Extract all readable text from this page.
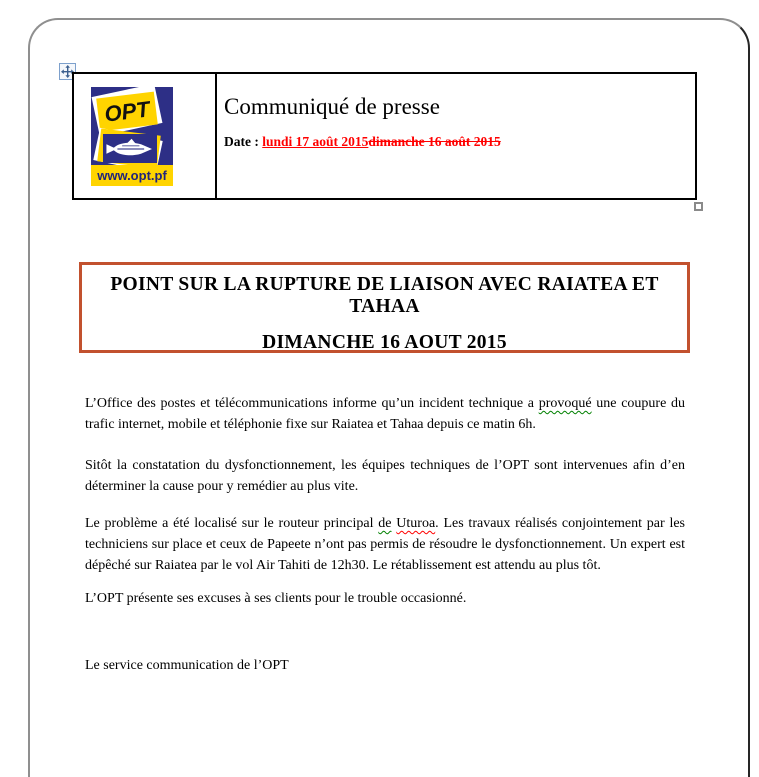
OPT
www.opt.pf
Communiqué de presse

Date : lundi 17 août 2015dimanche 16 août 2015

POINT SUR LA RUPTURE DE LIAISON AVEC RAIATEA ET TAHAA
DIMANCHE 16 AOUT 2015

L’Office des postes et télécommunications informe qu’un incident technique a provoqué une coupure du trafic internet, mobile et téléphonie fixe sur Raiatea et Tahaa depuis ce matin 6h.

Sitôt la constatation du dysfonctionnement, les équipes techniques de l’OPT sont intervenues afin d’en déterminer la cause pour y remédier au plus vite.

Le problème a été localisé sur le routeur principal de Uturoa. Les travaux réalisés conjointement par les techniciens sur place et ceux de Papeete n’ont pas permis de résoudre le dysfonctionnement. Un expert est dépêché sur Raiatea par le vol Air Tahiti de 12h30. Le rétablissement est attendu au plus tôt.

L’OPT présente ses excuses à ses clients pour le trouble occasionné.

Le service communication de l’OPT
